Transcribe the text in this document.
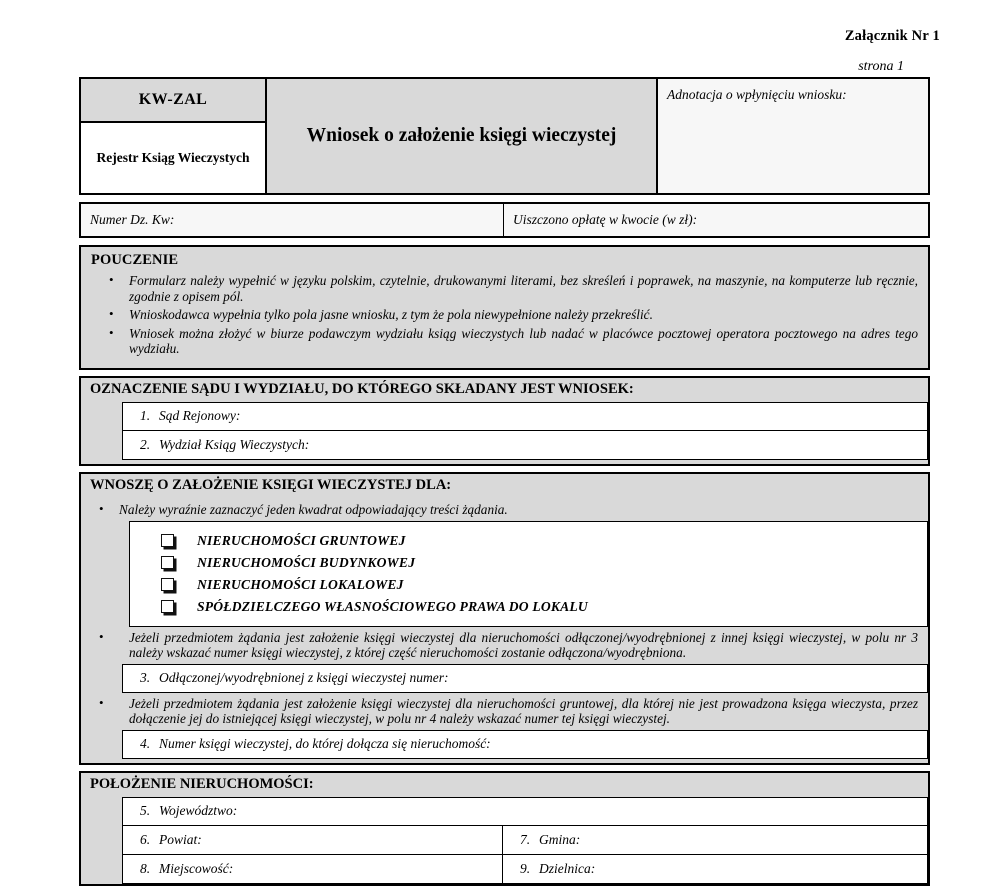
Załącznik Nr 1
strona 1
KW-ZAL
Rejestr Ksiąg Wieczystych
Wniosek o założenie księgi wieczystej
Adnotacja o wpłynięciu wniosku:
Numer Dz. Kw:	Uiszczono opłatę w kwocie (w zł):
POUCZENIE
• Formularz należy wypełnić w języku polskim, czytelnie, drukowanymi literami, bez skreśleń i poprawek, na maszynie, na komputerze lub ręcznie, zgodnie z opisem pól.
• Wnioskodawca wypełnia tylko pola jasne wniosku, z tym że pola niewypełnione należy przekreślić.
• Wniosek można złożyć w biurze podawczym wydziału ksiąg wieczystych lub nadać w placówce pocztowej operatora pocztowego na adres tego wydziału.
OZNACZENIE SĄDU I WYDZIAŁU, DO KTÓREGO SKŁADANY JEST WNIOSEK:
1. Sąd Rejonowy:
2. Wydział Ksiąg Wieczystych:
WNOSZĘ O ZAŁOŻENIE KSIĘGI WIECZYSTEJ DLA:
• Należy wyraźnie zaznaczyć jeden kwadrat odpowiadający treści żądania.
NIERUCHOMOŚCI GRUNTOWEJ
NIERUCHOMOŚCI BUDYNKOWEJ
NIERUCHOMOŚCI LOKALOWEJ
SPÓŁDZIELCZEGO WŁASNOŚCIOWEGO PRAWA DO LOKALU
• Jeżeli przedmiotem żądania jest założenie księgi wieczystej dla nieruchomości odłączonej/wyodrębnionej z innej księgi wieczystej, w polu nr 3 należy wskazać numer księgi wieczystej, z której część nieruchomości zostanie odłączona/wyodrębniona.
3. Odłączonej/wyodrębnionej z księgi wieczystej numer:
• Jeżeli przedmiotem żądania jest założenie księgi wieczystej dla nieruchomości gruntowej, dla której nie jest prowadzona księga wieczysta, przez dołączenie jej do istniejącej księgi wieczystej, w polu nr 4 należy wskazać numer tej księgi wieczystej.
4. Numer księgi wieczystej, do której dołącza się nieruchomość:
POŁOŻENIE NIERUCHOMOŚCI:
5. Województwo:
6. Powiat:	7. Gmina:
8. Miejscowość:	9. Dzielnica:
